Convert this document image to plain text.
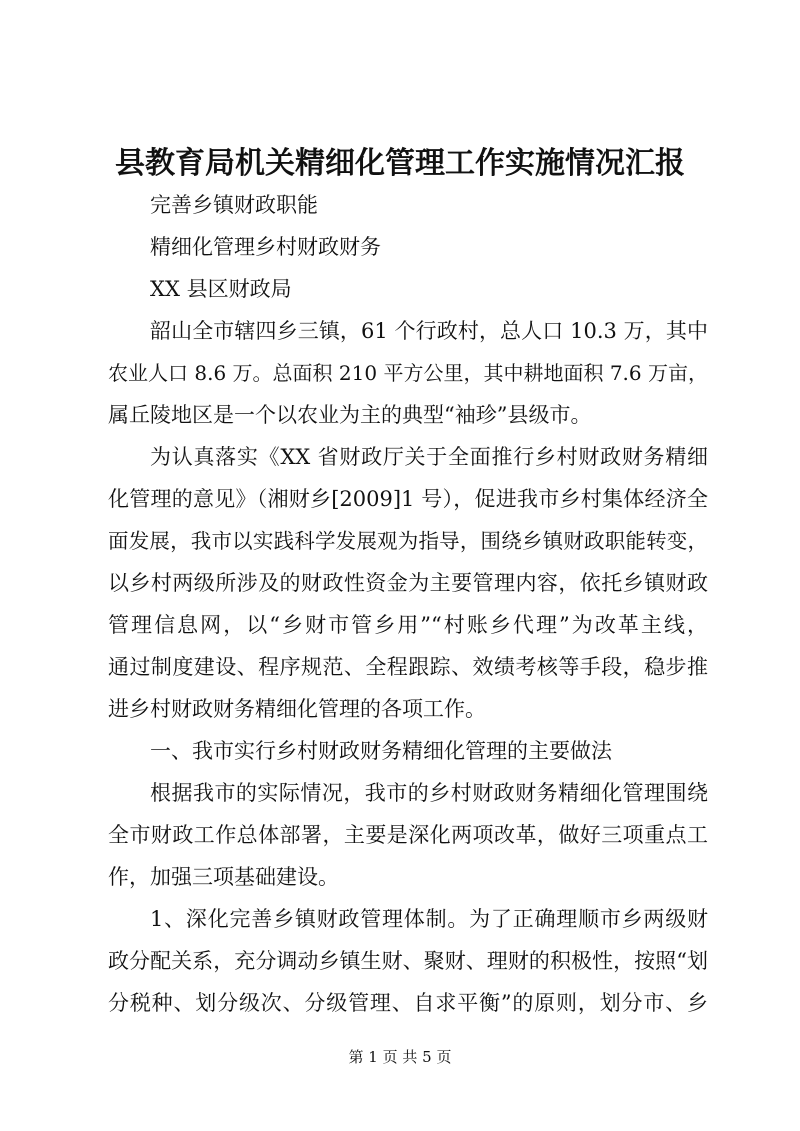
县教育局机关精细化管理工作实施情况汇报
完善乡镇财政职能
精细化管理乡村财政财务
XX 县区财政局
韶山全市辖四乡三镇，61 个行政村，总人口 10.3 万，其中
农业人口 8.6 万。总面积 210 平方公里，其中耕地面积 7.6 万亩，
属丘陵地区是一个以农业为主的典型“袖珍”县级市。
为认真落实《XX 省财政厅关于全面推行乡村财政财务精细
化管理的意见》（湘财乡[2009]1 号），促进我市乡村集体经济全
面发展，我市以实践科学发展观为指导，围绕乡镇财政职能转变，
以乡村两级所涉及的财政性资金为主要管理内容，依托乡镇财政
管理信息网，以“乡财市管乡用”“村账乡代理”为改革主线，
通过制度建设、程序规范、全程跟踪、效绩考核等手段，稳步推
进乡村财政财务精细化管理的各项工作。
一、我市实行乡村财政财务精细化管理的主要做法
根据我市的实际情况，我市的乡村财政财务精细化管理围绕
全市财政工作总体部署，主要是深化两项改革，做好三项重点工
作，加强三项基础建设。
1、深化完善乡镇财政管理体制。为了正确理顺市乡两级财
政分配关系，充分调动乡镇生财、聚财、理财的积极性，按照“划
分税种、划分级次、分级管理、自求平衡”的原则，划分市、乡
第 1 页 共 5 页
